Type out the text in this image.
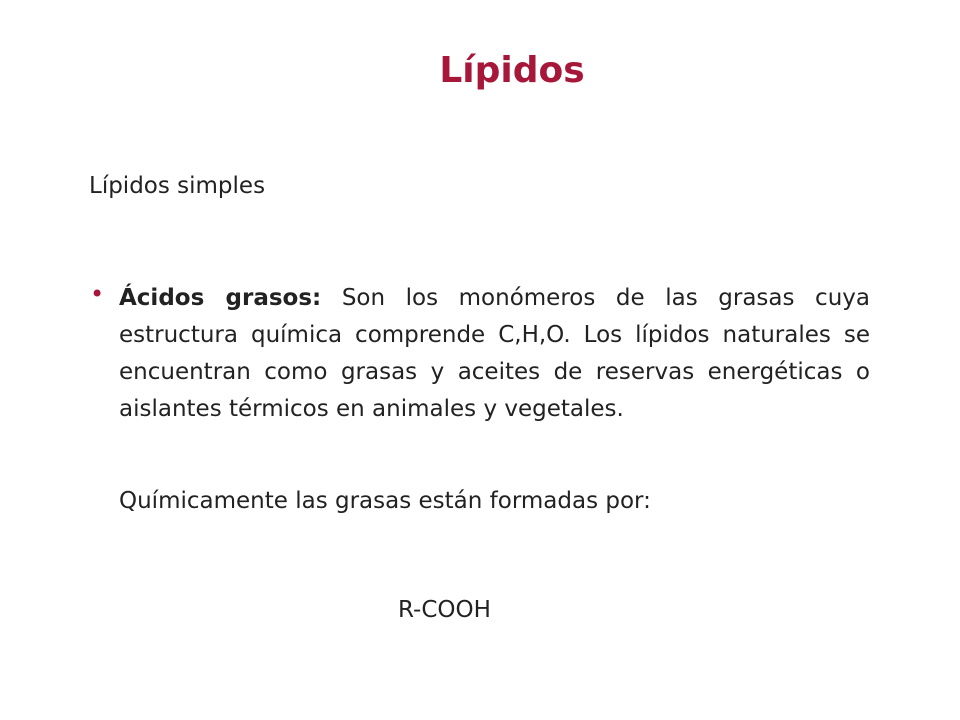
Lípidos

Lípidos simples

• Ácidos grasos: Son los monómeros de las grasas cuya estructura química comprende C,H,O. Los lípidos naturales se encuentran como grasas y aceites de reservas energéticas o aislantes térmicos en animales y vegetales.

Químicamente las grasas están formadas por:

R-COOH
